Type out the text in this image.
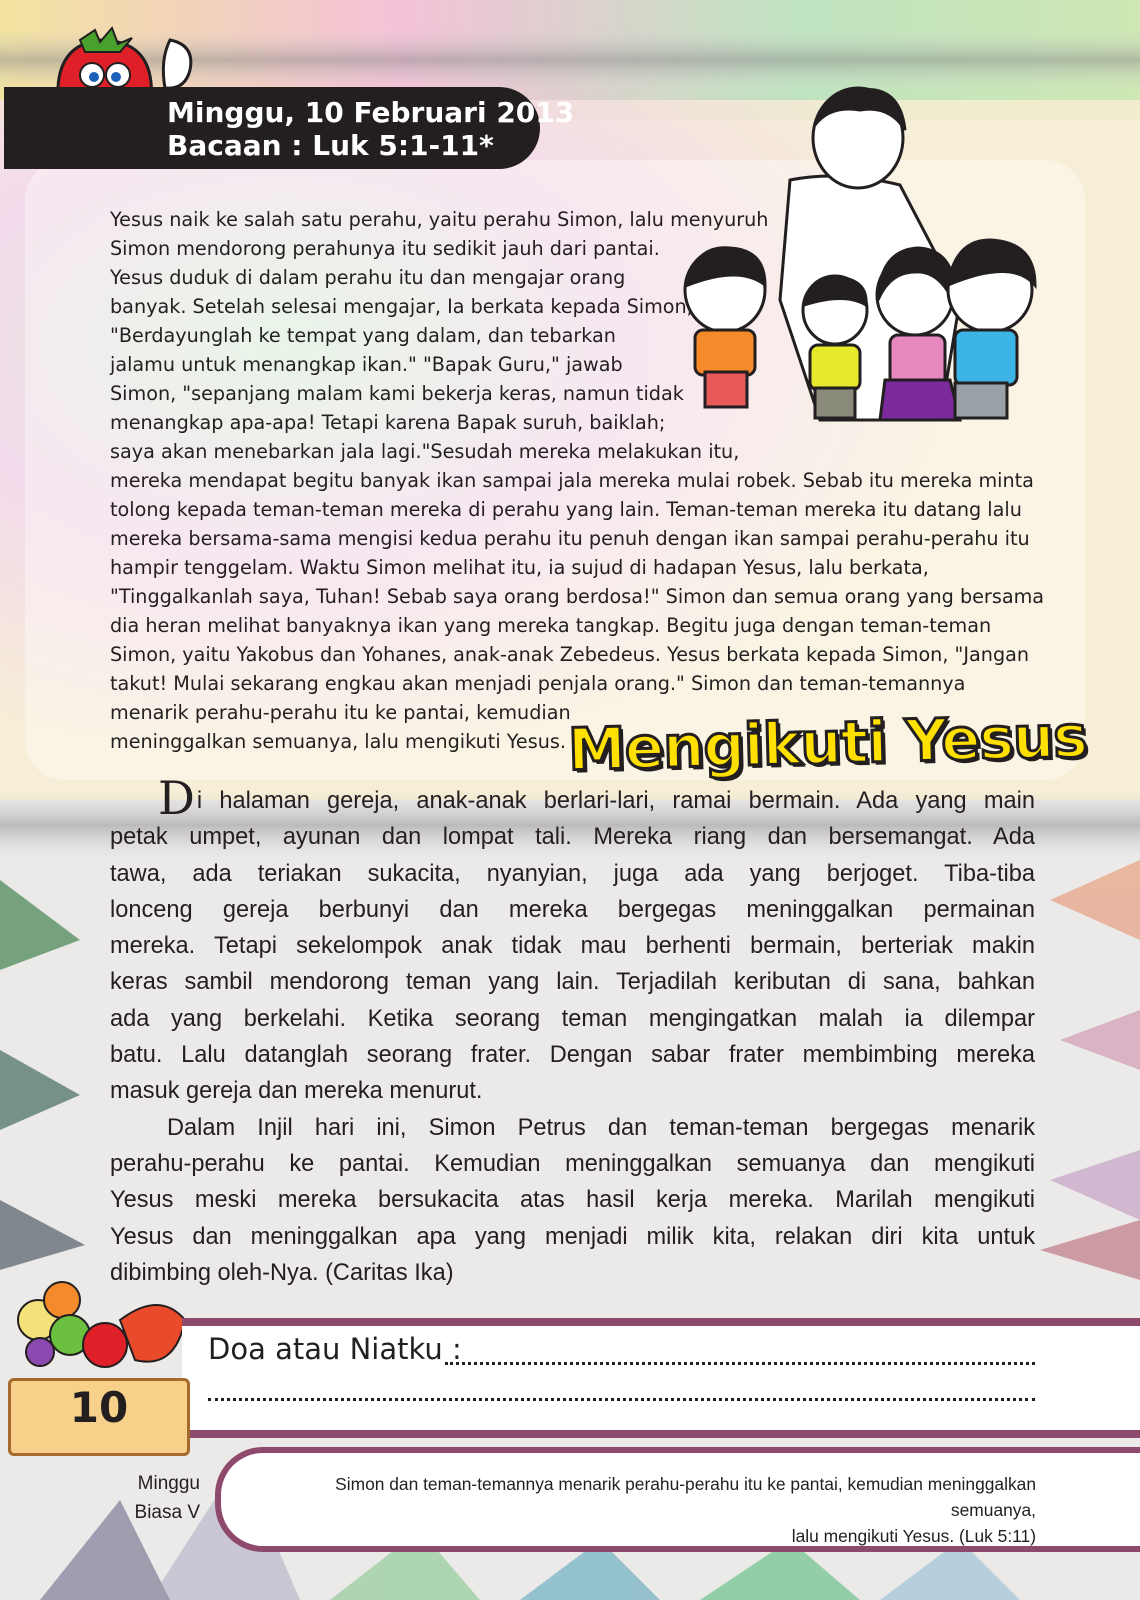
Minggu, 10 Februari 2013
Bacaan : Luk 5:1-11*
Yesus naik ke salah satu perahu, yaitu perahu Simon, lalu menyuruh
Simon mendorong perahunya itu sedikit jauh dari pantai.
Yesus duduk di dalam perahu itu dan mengajar orang
banyak. Setelah selesai mengajar, Ia berkata kepada Simon,
"Berdayunglah ke tempat yang dalam, dan tebarkan
jalamu untuk menangkap ikan." "Bapak Guru," jawab
Simon, "sepanjang malam kami bekerja keras, namun tidak
menangkap apa-apa! Tetapi karena Bapak suruh, baiklah;
saya akan menebarkan jala lagi."Sesudah mereka melakukan itu,
mereka mendapat begitu banyak ikan sampai jala mereka mulai robek. Sebab itu mereka minta
tolong kepada teman-teman mereka di perahu yang lain. Teman-teman mereka itu datang lalu
mereka bersama-sama mengisi kedua perahu itu penuh dengan ikan sampai perahu-perahu itu
hampir tenggelam. Waktu Simon melihat itu, ia sujud di hadapan Yesus, lalu berkata,
"Tinggalkanlah saya, Tuhan! Sebab saya orang berdosa!" Simon dan semua orang yang bersama
dia heran melihat banyaknya ikan yang mereka tangkap. Begitu juga dengan teman-teman
Simon, yaitu Yakobus dan Yohanes, anak-anak Zebedeus. Yesus berkata kepada Simon, "Jangan
takut! Mulai sekarang engkau akan menjadi penjala orang." Simon dan teman-temannya
menarik perahu-perahu itu ke pantai, kemudian
meninggalkan semuanya, lalu mengikuti Yesus. Mengikuti Yesus
Di halaman gereja, anak-anak berlari-lari, ramai bermain. Ada yang main
petak umpet, ayunan dan lompat tali. Mereka riang dan bersemangat. Ada
tawa, ada teriakan sukacita, nyanyian, juga ada yang berjoget. Tiba-tiba
lonceng gereja berbunyi dan mereka bergegas meninggalkan permainan
mereka. Tetapi sekelompok anak tidak mau berhenti bermain, berteriak makin
keras sambil mendorong teman yang lain. Terjadilah keributan di sana, bahkan
ada yang berkelahi. Ketika seorang teman mengingatkan malah ia dilempar
batu. Lalu datanglah seorang frater. Dengan sabar frater membimbing mereka
masuk gereja dan mereka menurut.
Dalam Injil hari ini, Simon Petrus dan teman-teman bergegas menarik
perahu-perahu ke pantai. Kemudian meninggalkan semuanya dan mengikuti
Yesus meski mereka bersukacita atas hasil kerja mereka. Marilah mengikuti
Yesus dan meninggalkan apa yang menjadi milik kita, relakan diri kita untuk
dibimbing oleh-Nya. (Caritas Ika)
Doa atau Niatku :
10
Simon dan teman-temannya menarik perahu-perahu itu ke pantai, kemudian meninggalkan semuanya,
lalu mengikuti Yesus. (Luk 5:11)
Minggu
Biasa V
